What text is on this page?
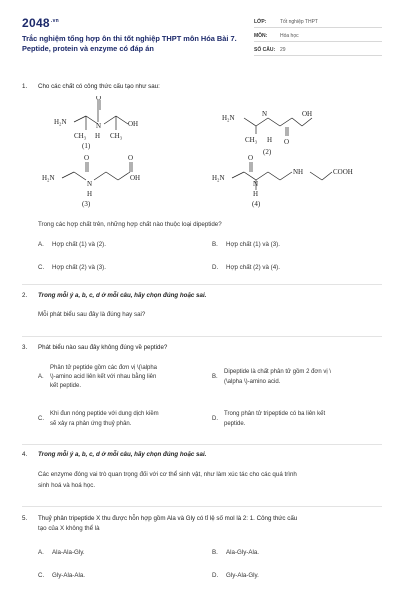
$2048^{.vn}$
Trắc nghiệm tổng hợp ôn thi tốt nghiệp THPT môn Hóa Bài 7. Peptide, protein và enzyme có đáp án
LỚP:	Tốt nghiệp THPT
MÔN:	Hóa học
SỐ CÂU: 29
1.	Cho các chất có công thức cấu tạo như sau:
H₂N
O
N	OH
CH₃ H CH₃
(1)
H₂N	N	OH
CH₃ H O
(2)
H₂N
O
N
OH
O
H
(3)
H₂N
O
N
H
NH	COOH
(4)
Trong các hợp chất trên, những hợp chất nào thuộc loại dipeptide?
A. Hợp chất (1) và (2).	B. Hợp chất (1) và (3).
C. Hợp chất (2) và (3).	D. Hợp chất (2) và (4).
2.	Trong mỗi ý a, b, c, d ở mỗi câu, hãy chọn đúng hoặc sai.
Mỗi phát biểu sau đây là đúng hay sai?
3.	Phát biểu nào sau đây không đúng về peptide?
A.
Phân tử peptide gồm các đơn vị \(\alpha
\)-amino acid liên kết với nhau bằng liên
kết peptide.
B.
Dipeptide là chất phân tử gồm 2 đơn vị \
(\alpha \)-amino acid.
C.
Khi đun nóng peptide với dung dịch kiềm
sẽ xảy ra phản ứng thuỷ phân.
D.
Trong phân tử tripeptide có ba liên kết
peptide.
4.	Trong mỗi ý a, b, c, d ở mỗi câu, hãy chọn đúng hoặc sai.
Các enzyme đóng vai trò quan trọng đối với cơ thể sinh vật, như làm xúc tác cho các quá trình
sinh hoá và hoá học.
5.	Thuỷ phân tripeptide X thu được hỗn hợp gồm Ala và Gly có tỉ lệ số mol là 2: 1. Công thức cấu
tạo của X không thể là
A. Ala-Ala-Gly.	B. Ala-Gly-Ala.
C. Gly-Ala-Ala.	D. Gly-Ala-Gly.
